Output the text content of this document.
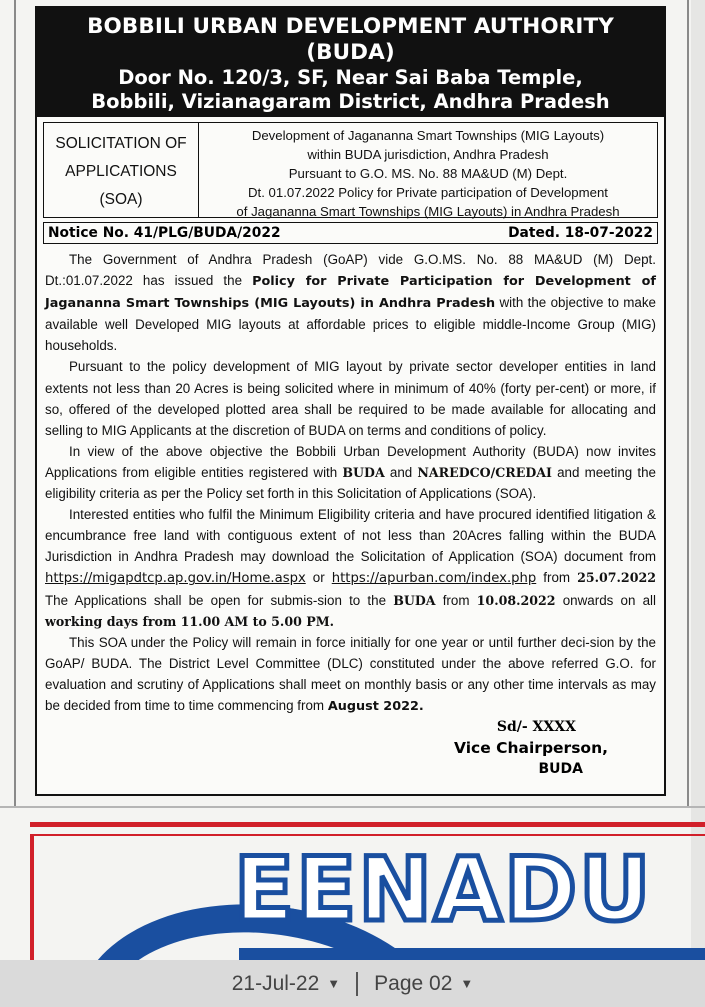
BOBBILI URBAN DEVELOPMENT AUTHORITY (BUDA)
Door No. 120/3, SF, Near Sai Baba Temple,
Bobbili, Vizianagaram District, Andhra Pradesh
SOLICITATION OF
APPLICATIONS
(SOA)
Development of Jagananna Smart Townships (MIG Layouts)
within BUDA jurisdiction, Andhra Pradesh
Pursuant to G.O. MS. No. 88 MA&UD (M) Dept.
Dt. 01.07.2022 Policy for Private participation of Development
of Jagananna Smart Townships (MIG Layouts) in Andhra Pradesh
Notice No. 41/PLG/BUDA/2022	Dated. 18-07-2022

The Government of Andhra Pradesh (GoAP) vide G.O.MS. No. 88 MA&UD (M) Dept. Dt.:01.07.2022 has issued the Policy for Private Participation for Development of Jagananna Smart Townships (MIG Layouts) in Andhra Pradesh with the objective to make available well Developed MIG layouts at affordable prices to eligible middle-Income Group (MIG) households.

Pursuant to the policy development of MIG layout by private sector developer entities in land extents not less than 20 Acres is being solicited where in minimum of 40% (forty per-cent) or more, if so, offered of the developed plotted area shall be required to be made available for allocating and selling to MIG Applicants at the discretion of BUDA on terms and conditions of policy.

In view of the above objective the Bobbili Urban Development Authority (BUDA) now invites Applications from eligible entities registered with BUDA and NAREDCO/CREDAI and meeting the eligibility criteria as per the Policy set forth in this Solicitation of Applications (SOA).

Interested entities who fulfil the Minimum Eligibility criteria and have procured identified litigation & encumbrance free land with contiguous extent of not less than 20Acres falling within the BUDA Jurisdiction in Andhra Pradesh may download the Solicitation of Application (SOA) document from https://migapdtcp.ap.gov.in/Home.aspx or https://apurban.com/index.php from 25.07.2022 The Applications shall be open for submis-sion to the BUDA from 10.08.2022 onwards on all working days from 11.00 AM to 5.00 PM.

This SOA under the Policy will remain in force initially for one year or until further deci-sion by the GoAP/ BUDA. The District Level Committee (DLC) constituted under the above referred G.O. for evaluation and scrutiny of Applications shall meet on monthly basis or any other time intervals as may be decided from time to time commencing from August 2022.

Sd/- XXXX
Vice Chairperson,
BUDA
EENADU
21-Jul-22 ▼ Page 02 ▼
